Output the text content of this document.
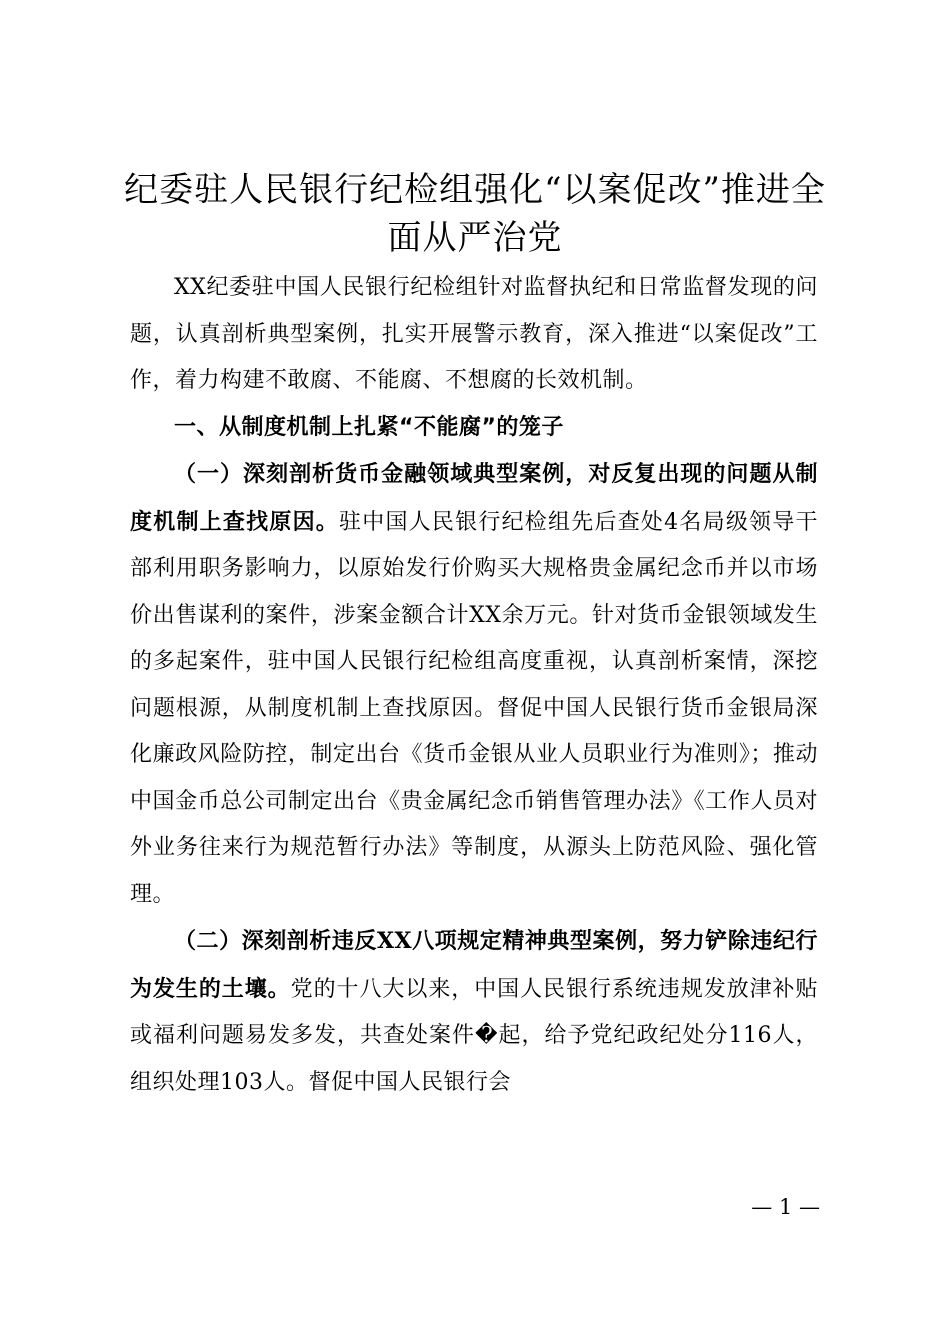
纪委驻人民银行纪检组强化“以案促改”推进全面从严治党

XX纪委驻中国人民银行纪检组针对监督执纪和日常监督发现的问题，认真剖析典型案例，扎实开展警示教育，深入推进“以案促改”工作，着力构建不敢腐、不能腐、不想腐的长效机制。

一、从制度机制上扎紧“不能腐”的笼子

（一）深刻剖析货币金融领域典型案例，对反复出现的问题从制度机制上查找原因。驻中国人民银行纪检组先后查处4名局级领导干部利用职务影响力，以原始发行价购买大规格贵金属纪念币并以市场价出售谋利的案件，涉案金额合计XX余万元。针对货币金银领域发生的多起案件，驻中国人民银行纪检组高度重视，认真剖析案情，深挖问题根源，从制度机制上查找原因。督促中国人民银行货币金银局深化廉政风险防控，制定出台《货币金银从业人员职业行为准则》；推动中国金币总公司制定出台《贵金属纪念币销售管理办法》《工作人员对外业务往来行为规范暂行办法》等制度，从源头上防范风险、强化管理。

（二）深刻剖析违反XX八项规定精神典型案例，努力铲除违纪行为发生的土壤。党的十八大以来，中国人民银行系统违规发放津补贴或福利问题易发多发，共查处案件�起，给予党纪政纪处分116人，组织处理103人。督促中国人民银行会

— 1 —
